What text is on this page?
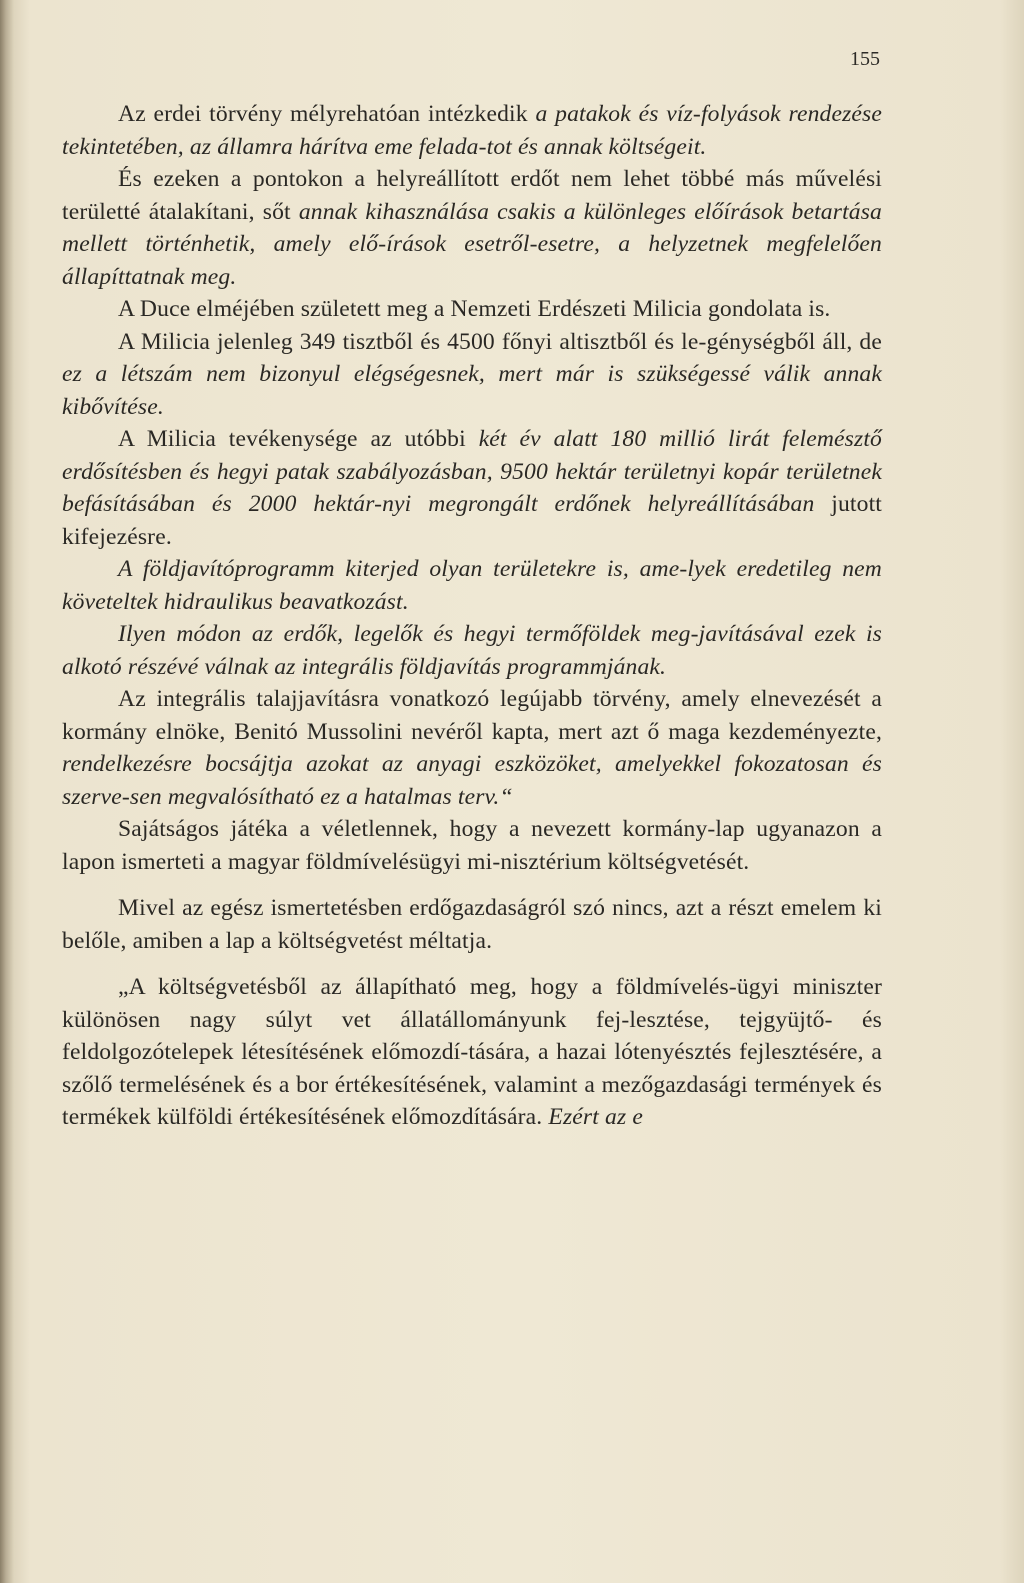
155

Az erdei törvény mélyrehatóan intézkedik a patakok és víz-folyások rendezése tekintetében, az államra hárítva eme felada-tot és annak költségeit.

És ezeken a pontokon a helyreállított erdőt nem lehet többé más művelési területté átalakítani, sőt annak kihasználása csakis a különleges előírások betartása mellett történhetik, amely elő-írások esetről-esetre, a helyzetnek megfelelően állapíttatnak meg.

A Duce elméjében született meg a Nemzeti Erdészeti Milicia gondolata is.

A Milicia jelenleg 349 tisztből és 4500 főnyi altisztből és le-génységből áll, de ez a létszám nem bizonyul elégségesnek, mert már is szükségessé válik annak kibővítése.

A Milicia tevékenysége az utóbbi két év alatt 180 millió lirát felemésztő erdősítésben és hegyi patak szabályozásban, 9500 hektár területnyi kopár területnek befásításában és 2000 hektár-nyi megrongált erdőnek helyreállításában jutott kifejezésre.

A földjavítóprogramm kiterjed olyan területekre is, ame-lyek eredetileg nem követeltek hidraulikus beavatkozást.

Ilyen módon az erdők, legelők és hegyi termőföldek meg-javításával ezek is alkotó részévé válnak az integrális földjavítás programmjának.

Az integrális talajjavításra vonatkozó legújabb törvény, amely elnevezését a kormány elnöke, Benitó Mussolini nevéről kapta, mert azt ő maga kezdeményezte, rendelkezésre bocsájtja azokat az anyagi eszközöket, amelyekkel fokozatosan és szerve-sen megvalósítható ez a hatalmas terv.“

Sajátságos játéka a véletlennek, hogy a nevezett kormány-lap ugyanazon a lapon ismerteti a magyar földmívelésügyi mi-nisztérium költségvetését.

Mivel az egész ismertetésben erdőgazdaságról szó nincs, azt a részt emelem ki belőle, amiben a lap a költségvetést méltatja.

„A költségvetésből az állapítható meg, hogy a földmívelés-ügyi miniszter különösen nagy súlyt vet állatállományunk fej-lesztése, tejgyüjtő- és feldolgozótelepek létesítésének előmozdí-tására, a hazai lótenyésztés fejlesztésére, a szőlő termelésének és a bor értékesítésének, valamint a mezőgazdasági termények és termékek külföldi értékesítésének előmozdítására. Ezért az e
